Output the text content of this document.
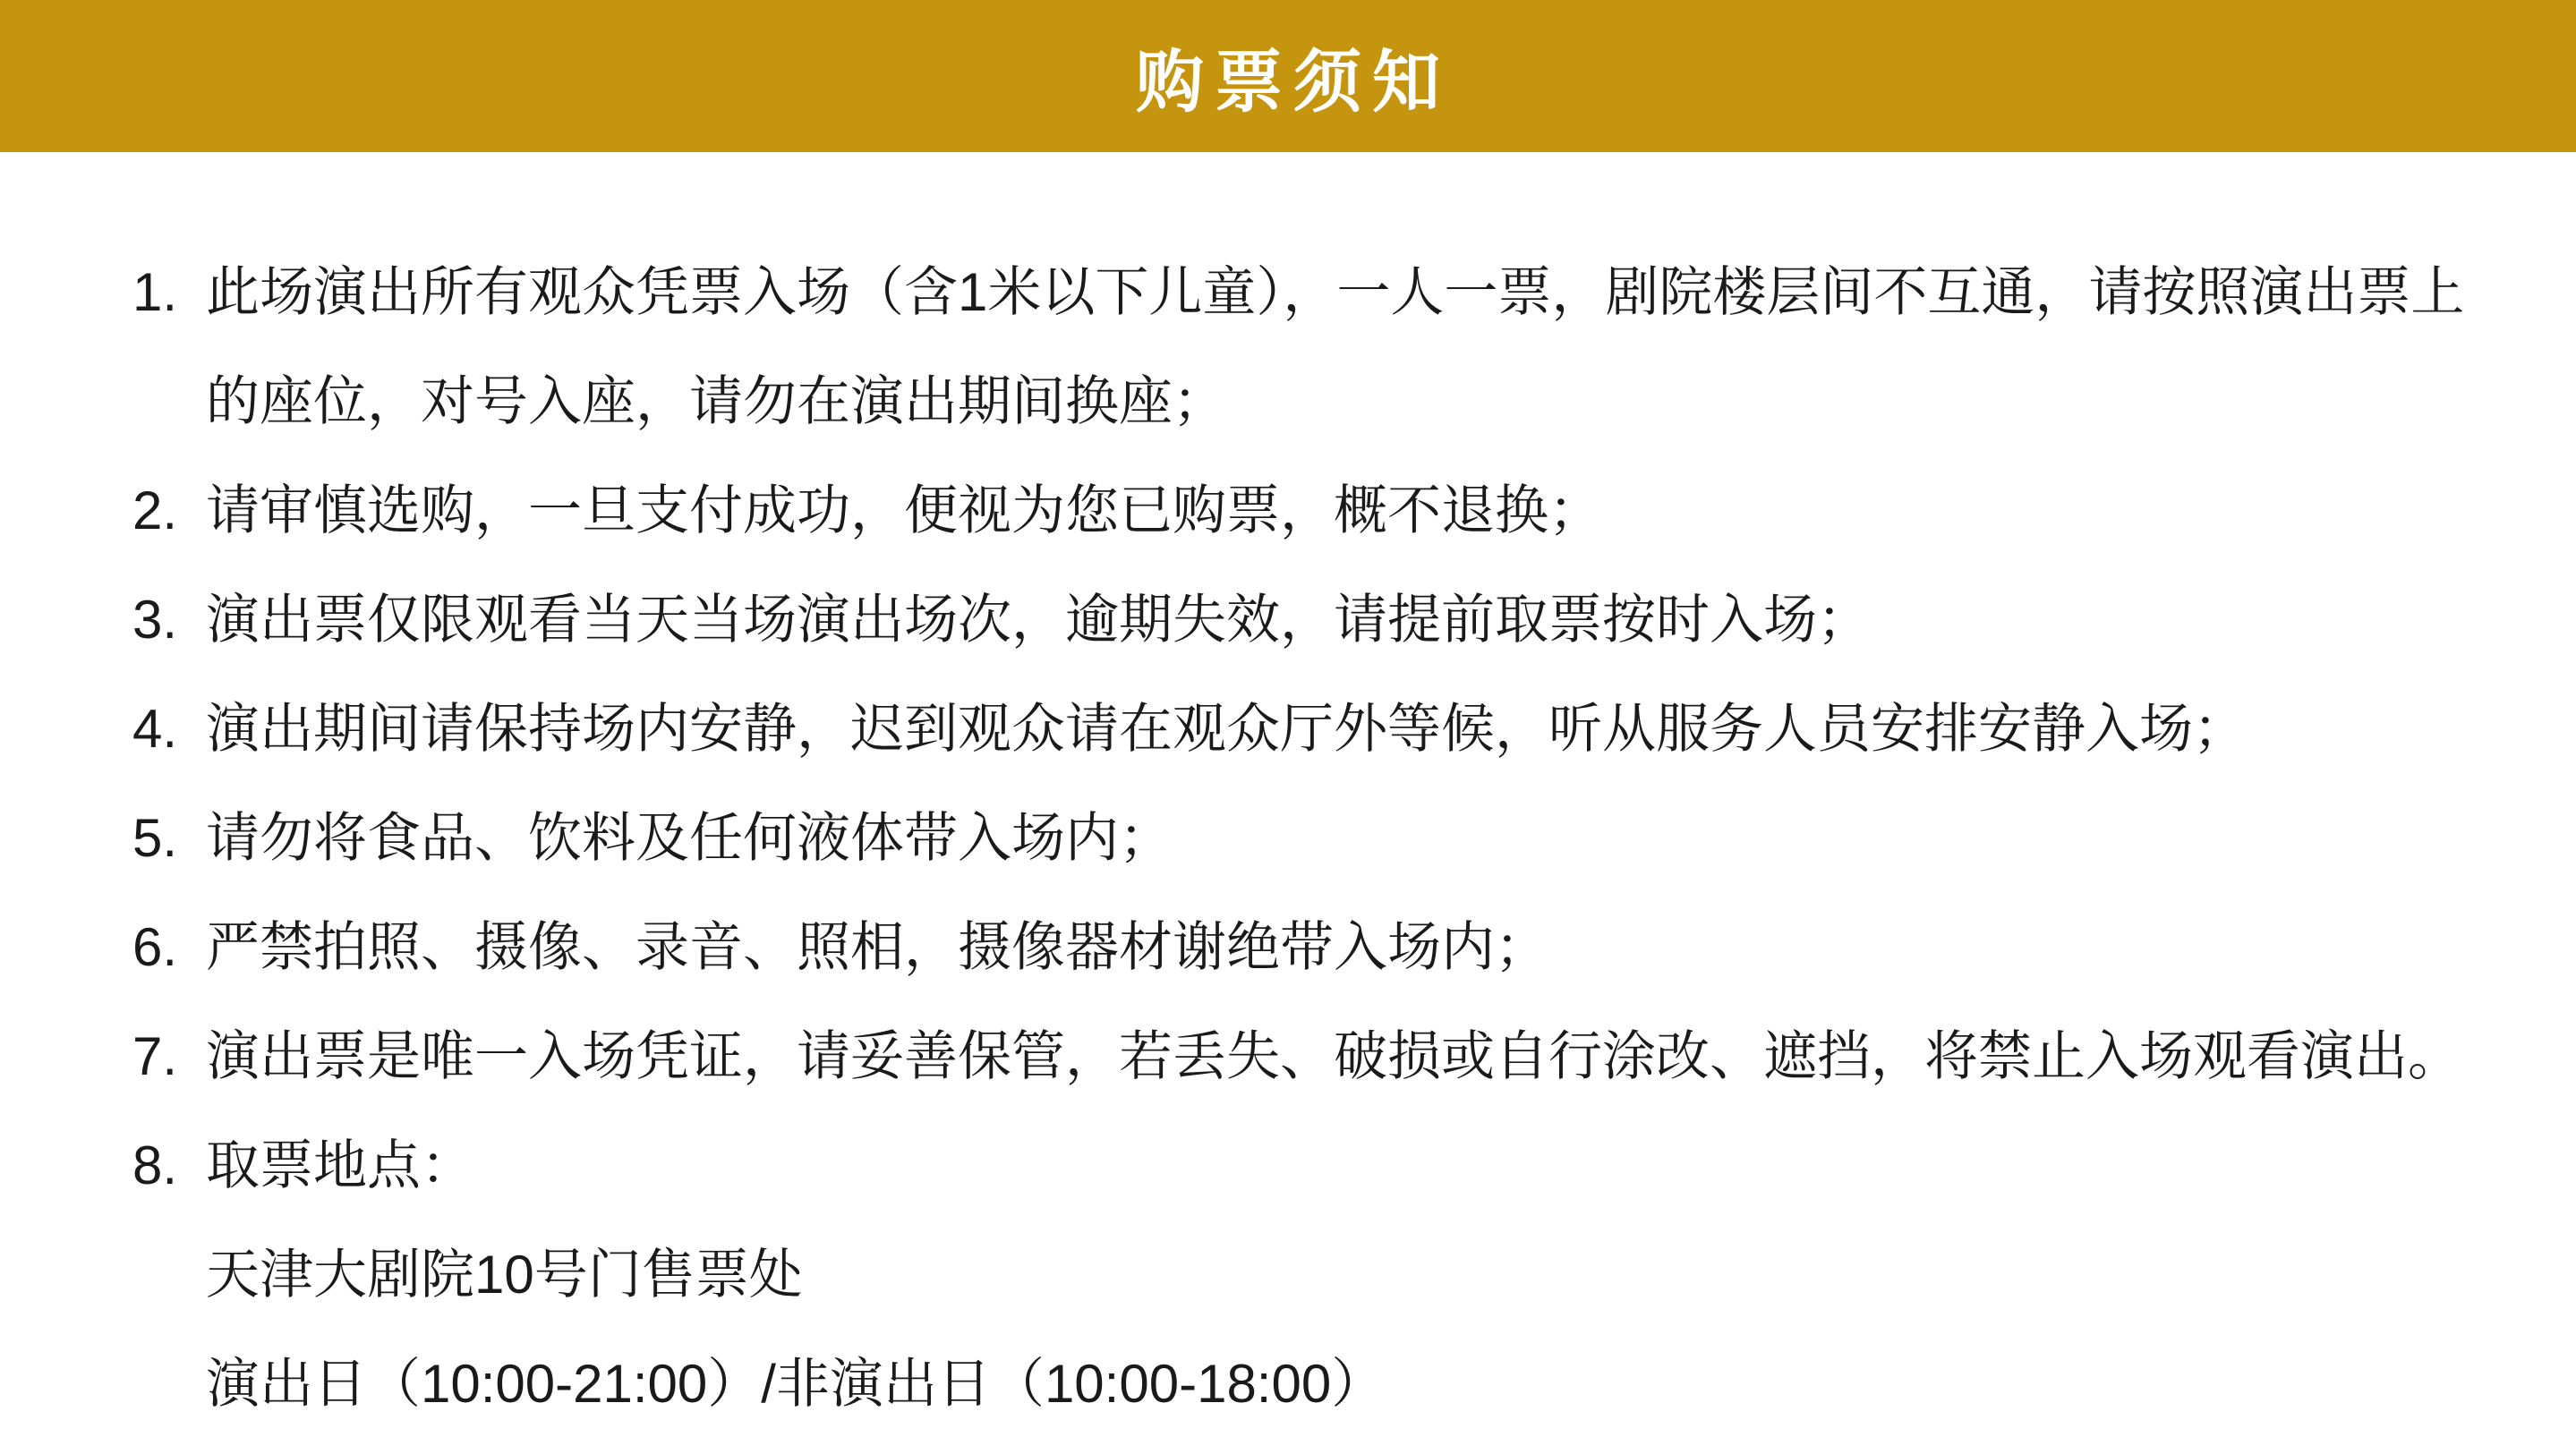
购票须知
1. 此场演出所有观众凭票入场（含1米以下儿童），一人一票，剧院楼层间不互通，请按照演出票上的座位，对号入座，请勿在演出期间换座；
2. 请审慎选购，一旦支付成功，便视为您已购票，概不退换；
3. 演出票仅限观看当天当场演出场次，逾期失效，请提前取票按时入场；
4. 演出期间请保持场内安静，迟到观众请在观众厅外等候，听从服务人员安排安静入场；
5. 请勿将食品、饮料及任何液体带入场内；
6. 严禁拍照、摄像、录音、照相，摄像器材谢绝带入场内；
7. 演出票是唯一入场凭证，请妥善保管，若丢失、破损或自行涂改、遮挡，将禁止入场观看演出。
8. 取票地点：
天津大剧院10号门售票处
演出日（10:00-21:00）/非演出日（10:00-18:00）
